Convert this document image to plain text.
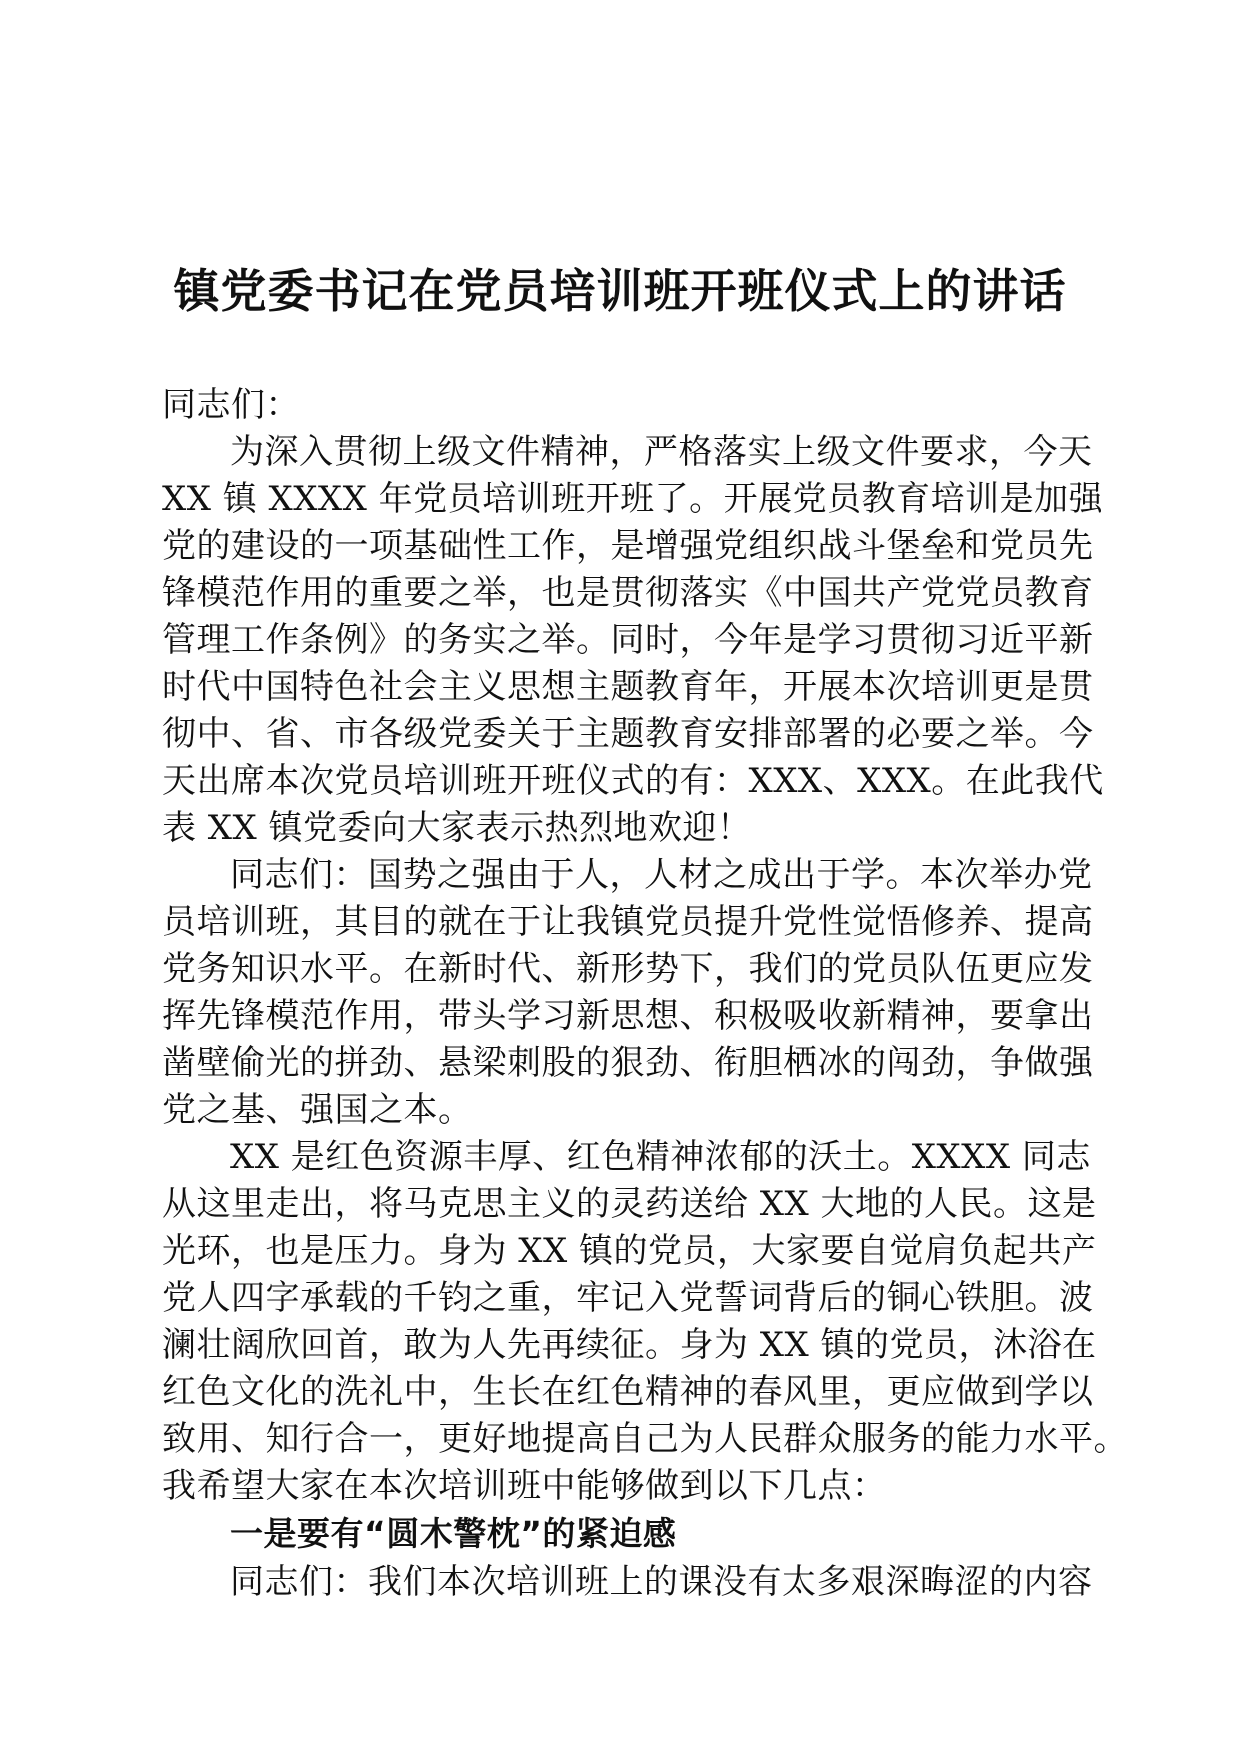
镇党委书记在党员培训班开班仪式上的讲话
同志们：
为深入贯彻上级文件精神，严格落实上级文件要求，今天
XX 镇 XXXX 年党员培训班开班了。开展党员教育培训是加强
党的建设的一项基础性工作，是增强党组织战斗堡垒和党员先
锋模范作用的重要之举，也是贯彻落实《中国共产党党员教育
管理工作条例》的务实之举。同时，今年是学习贯彻习近平新
时代中国特色社会主义思想主题教育年，开展本次培训更是贯
彻中、省、市各级党委关于主题教育安排部署的必要之举。今
天出席本次党员培训班开班仪式的有：XXX、XXX。在此我代
表 XX 镇党委向大家表示热烈地欢迎！
同志们：国势之强由于人，人材之成出于学。本次举办党
员培训班，其目的就在于让我镇党员提升党性觉悟修养、提高
党务知识水平。在新时代、新形势下，我们的党员队伍更应发
挥先锋模范作用，带头学习新思想、积极吸收新精神，要拿出
凿壁偷光的拼劲、悬梁刺股的狠劲、衔胆栖冰的闯劲，争做强
党之基、强国之本。
XX 是红色资源丰厚、红色精神浓郁的沃土。XXXX 同志
从这里走出，将马克思主义的灵药送给 XX 大地的人民。这是
光环，也是压力。身为 XX 镇的党员，大家要自觉肩负起共产
党人四字承载的千钧之重，牢记入党誓词背后的铜心铁胆。波
澜壮阔欣回首，敢为人先再续征。身为 XX 镇的党员，沐浴在
红色文化的洗礼中，生长在红色精神的春风里，更应做到学以
致用、知行合一，更好地提高自己为人民群众服务的能力水平。
我希望大家在本次培训班中能够做到以下几点：
一是要有“圆木警枕”的紧迫感
同志们：我们本次培训班上的课没有太多艰深晦涩的内容
